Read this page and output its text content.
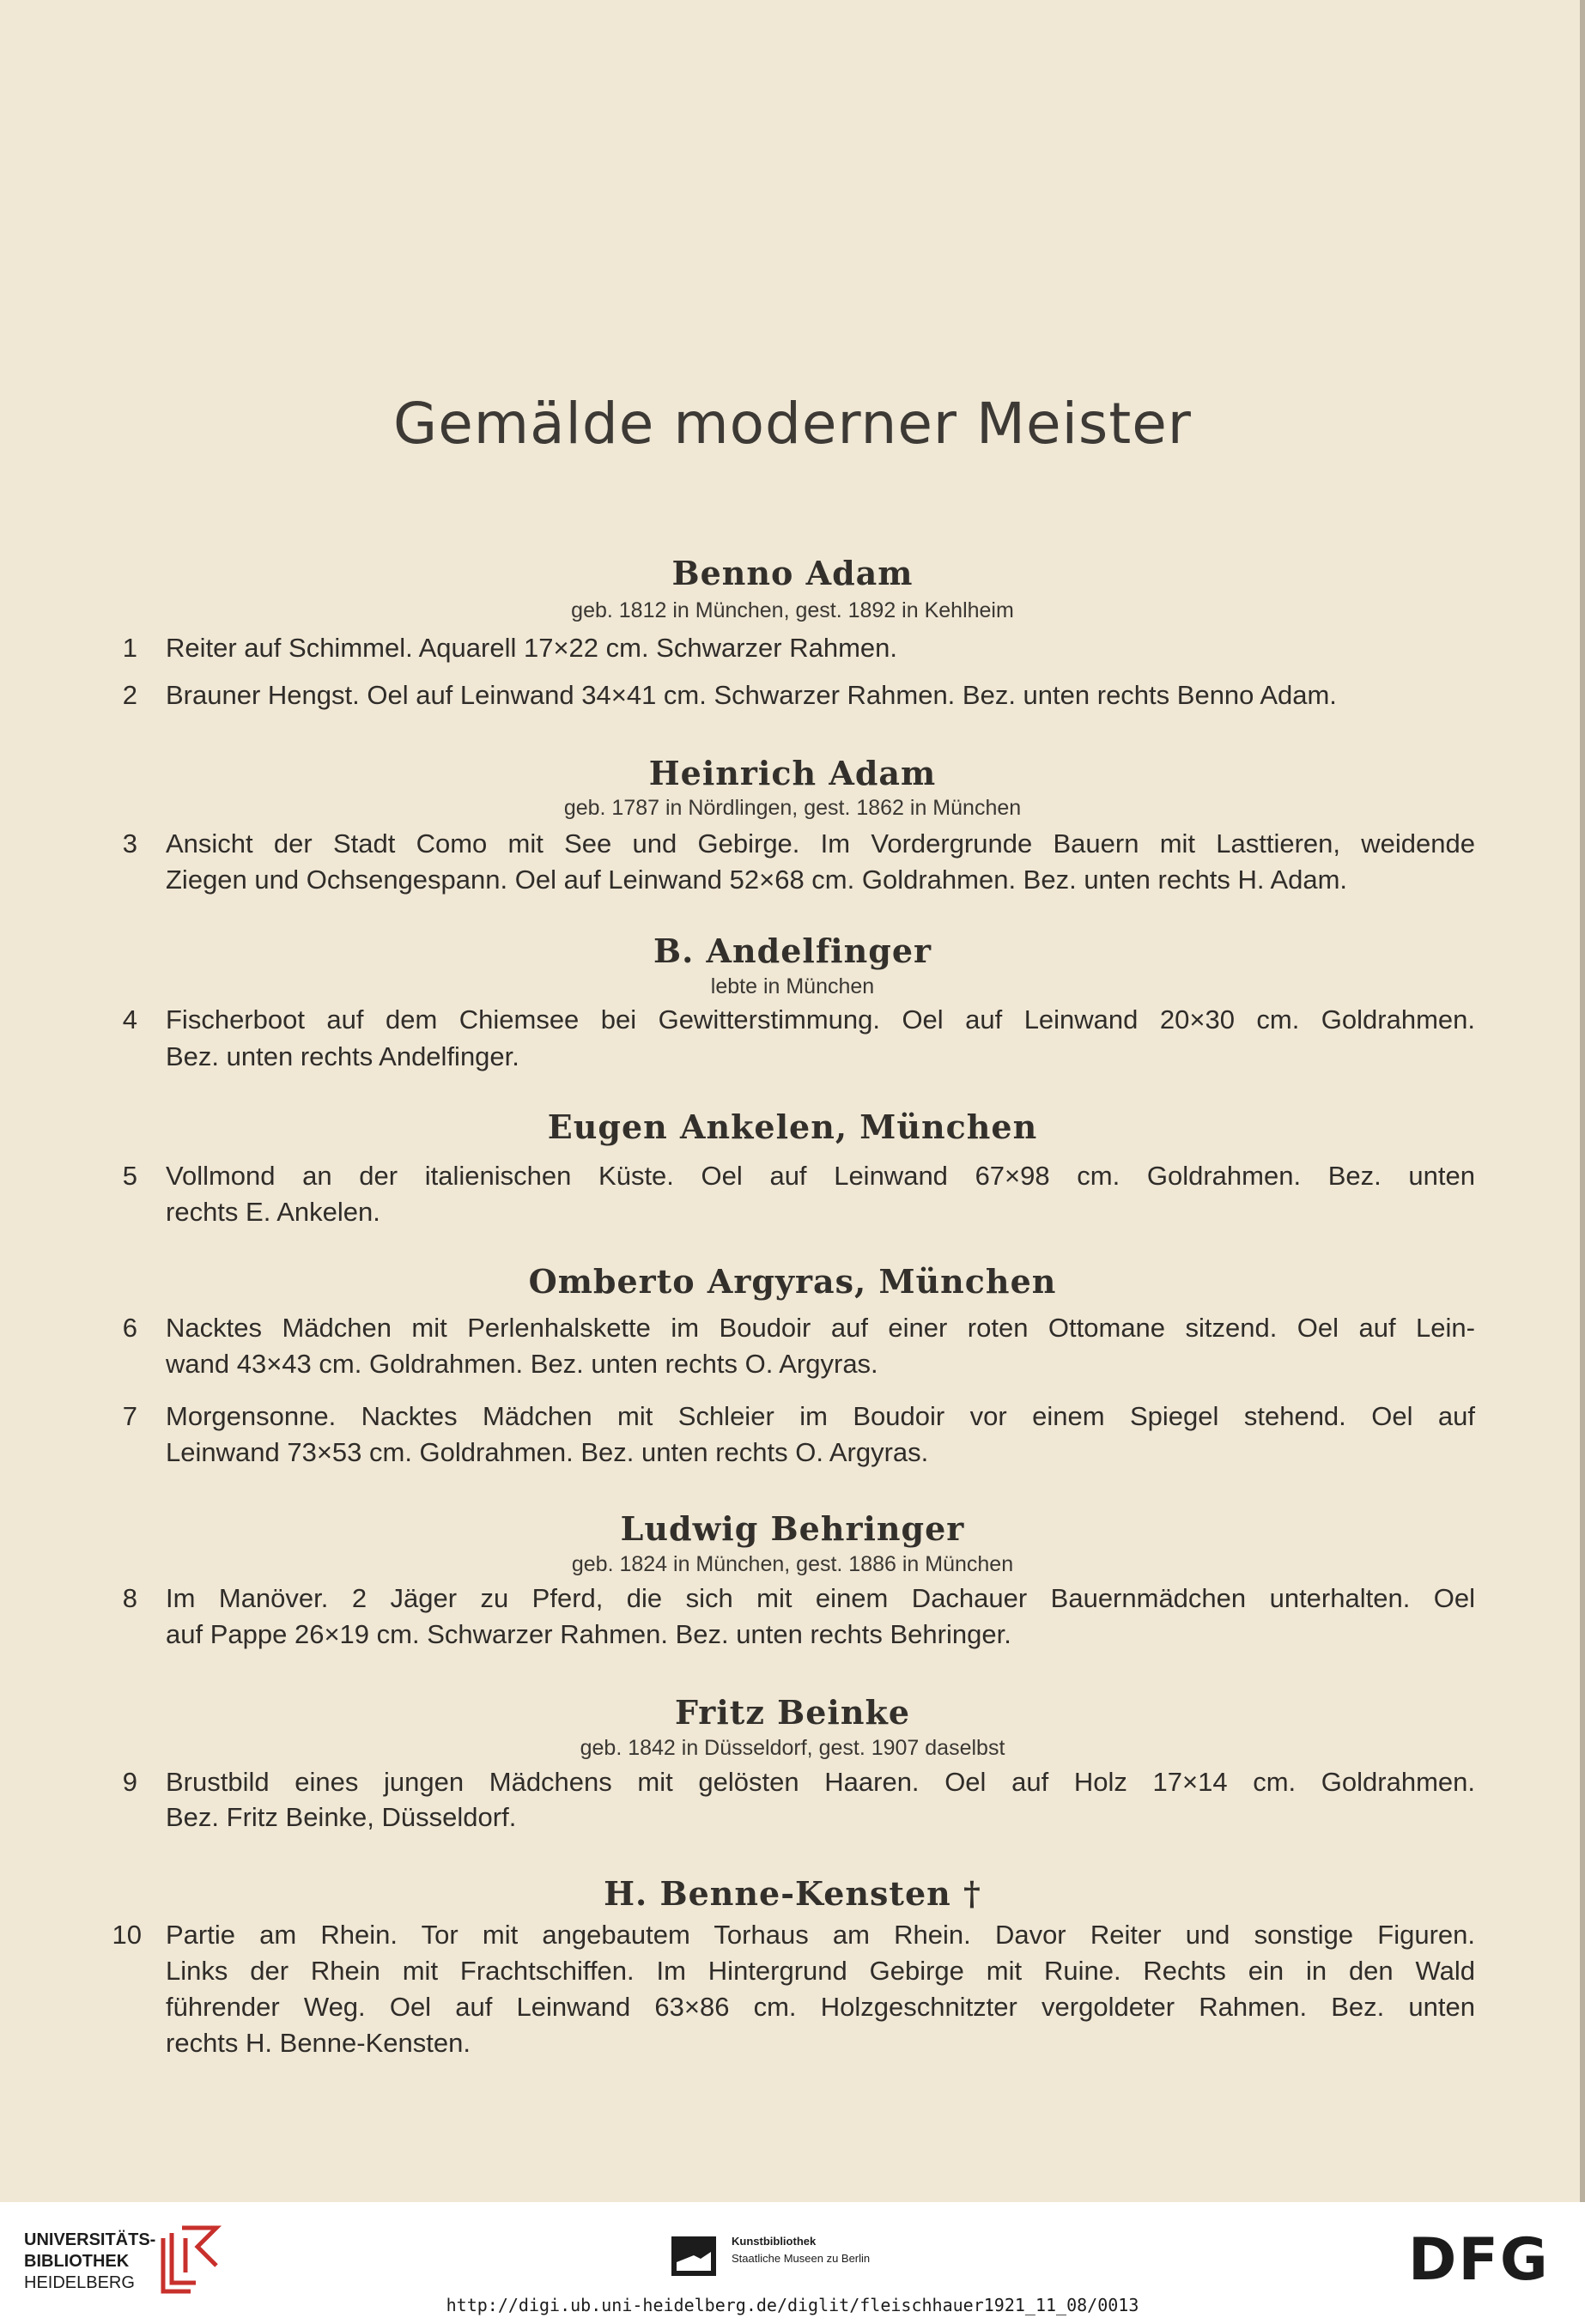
Gemälde moderner Meister
Benno Adam
geb. 1812 in München, gest. 1892 in Kehlheim
1 Reiter auf Schimmel. Aquarell 17×22 cm. Schwarzer Rahmen.
2 Brauner Hengst. Oel auf Leinwand 34×41 cm. Schwarzer Rahmen. Bez. unten rechts Benno Adam.
Heinrich Adam
geb. 1787 in Nördlingen, gest. 1862 in München
3 Ansicht der Stadt Como mit See und Gebirge. Im Vordergrunde Bauern mit Lasttieren, weidende
Ziegen und Ochsengespann. Oel auf Leinwand 52×68 cm. Goldrahmen. Bez. unten rechts H. Adam.
B. Andelfinger
lebte in München
4 Fischerboot auf dem Chiemsee bei Gewitterstimmung. Oel auf Leinwand 20×30 cm. Goldrahmen.
Bez. unten rechts Andelfinger.
Eugen Ankelen, München
5 Vollmond an der italienischen Küste. Oel auf Leinwand 67×98 cm. Goldrahmen. Bez. unten
rechts E. Ankelen.
Omberto Argyras, München
6 Nacktes Mädchen mit Perlenhalskette im Boudoir auf einer roten Ottomane sitzend. Oel auf Lein-
wand 43×43 cm. Goldrahmen. Bez. unten rechts O. Argyras.
7 Morgensonne. Nacktes Mädchen mit Schleier im Boudoir vor einem Spiegel stehend. Oel auf
Leinwand 73×53 cm. Goldrahmen. Bez. unten rechts O. Argyras.
Ludwig Behringer
geb. 1824 in München, gest. 1886 in München
8 Im Manöver. 2 Jäger zu Pferd, die sich mit einem Dachauer Bauernmädchen unterhalten. Oel
auf Pappe 26×19 cm. Schwarzer Rahmen. Bez. unten rechts Behringer.
Fritz Beinke
geb. 1842 in Düsseldorf, gest. 1907 daselbst
9 Brustbild eines jungen Mädchens mit gelösten Haaren. Oel auf Holz 17×14 cm. Goldrahmen.
Bez. Fritz Beinke, Düsseldorf.
H. Benne-Kensten †
10 Partie am Rhein. Tor mit angebautem Torhaus am Rhein. Davor Reiter und sonstige Figuren.
Links der Rhein mit Frachtschiffen. Im Hintergrund Gebirge mit Ruine. Rechts ein in den Wald
führender Weg. Oel auf Leinwand 63×86 cm. Holzgeschnitzter vergoldeter Rahmen. Bez. unten
rechts H. Benne-Kensten.
UNIVERSITÄTS-
BIBLIOTHEK
HEIDELBERG
Kunstbibliothek
Staatliche Museen zu Berlin	DFG
http://digi.ub.uni-heidelberg.de/diglit/fleischhauer1921_11_08/0013
